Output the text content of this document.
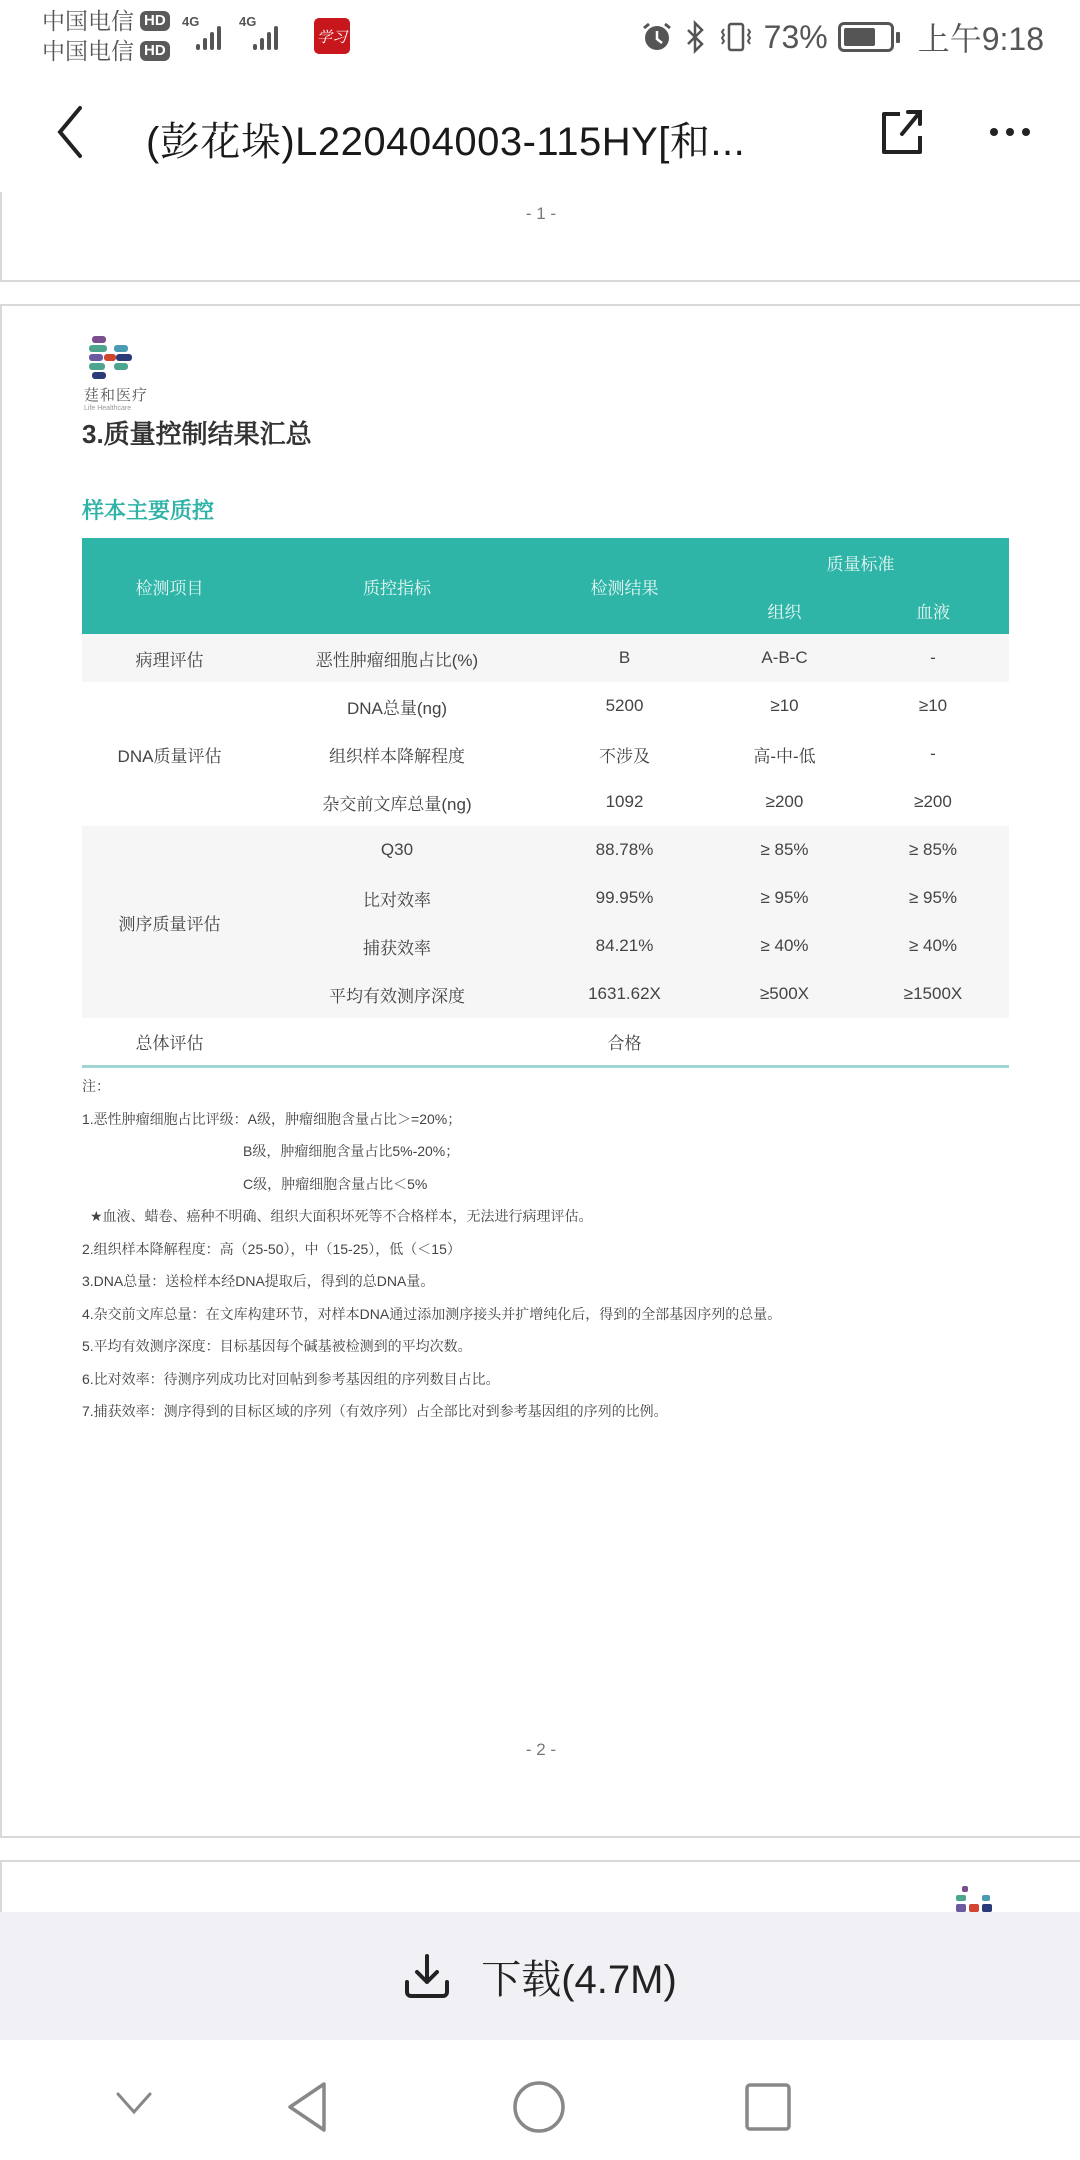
中国电信 HD
中国电信 HD
4G	4G
学习	73%	上午9:18
(彭花垛)L220404003-115HY[和...
- 1 -
莛和医疗
Life Healthcare
3.质量控制结果汇总
样本主要质控
检测项目	质控指标	检测结果	质量标准	
			组织	血液
病理评估	恶性肿瘤细胞占比(%)	B	A-B-C	-
DNA质量评估	DNA总量(ng)	5200	≥10	≥10
	组织样本降解程度	不涉及	高-中-低	-
	杂交前文库总量(ng)	1092	≥200	≥200
测序质量评估	Q30	88.78%	≥ 85%	≥ 85%
	比对效率	99.95%	≥ 95%	≥ 95%
	捕获效率	84.21%	≥ 40%	≥ 40%
	平均有效测序深度	1631.62X	≥500X	≥1500X
总体评估		合格		
注：
1.恶性肿瘤细胞占比评级：A级，肿瘤细胞含量占比＞=20%；
B级，肿瘤细胞含量占比5%-20%；
C级，肿瘤细胞含量占比＜5%
★血液、蜡卷、癌种不明确、组织大面积坏死等不合格样本，无法进行病理评估。
2.组织样本降解程度：高（25-50），中（15-25），低（＜15）
3.DNA总量：送检样本经DNA提取后，得到的总DNA量。
4.杂交前文库总量：在文库构建环节，对样本DNA通过添加测序接头并扩增纯化后，得到的全部基因序列的总量。
5.平均有效测序深度：目标基因每个碱基被检测到的平均次数。
6.比对效率：待测序列成功比对回帖到参考基因组的序列数目占比。
7.捕获效率：测序得到的目标区域的序列（有效序列）占全部比对到参考基因组的序列的比例。
- 2 -
下载(4.7M)
